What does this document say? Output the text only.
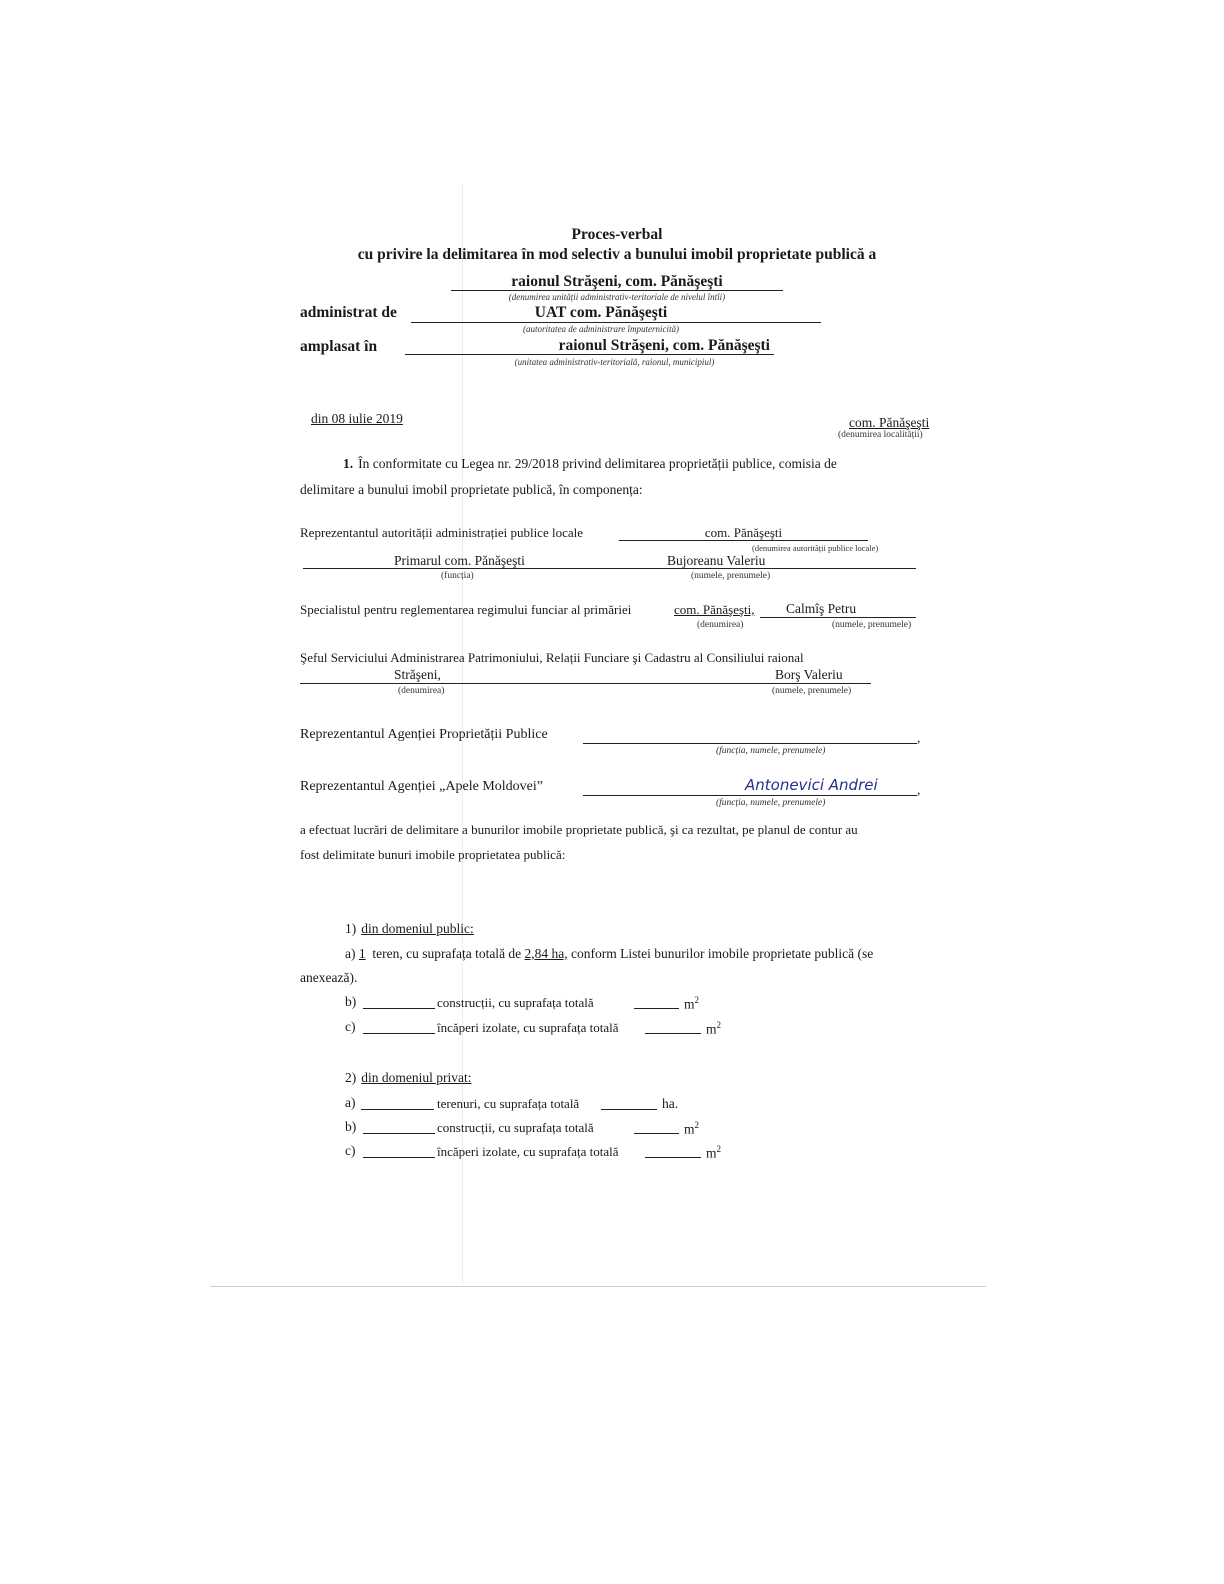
Proces-verbal
cu privire la delimitarea în mod selectiv a bunului imobil proprietate publică a
raionul Străşeni, com. Pănăşeşti
(denumirea unității administrativ-teritoriale de nivelul întîi)
administrat de	UAT com. Pănăşeşti
(autoritatea de administrare împuternicită)
amplasat în	raionul Străşeni, com. Pănăşeşti
(unitatea administrativ-teritorială, raionul, municipiul)
din 08 iulie 2019	com. Pănăşeşti
(denumirea localității)
1. În conformitate cu Legea nr. 29/2018 privind delimitarea proprietății publice, comisia de
delimitare a bunului imobil proprietate publică, în componența:
Reprezentantul autorității administrației publice locale	com. Pănăşeşti
(denumirea autorității publice locale)
Primarul com. Pănăşeşti
(funcția)
Bujoreanu Valeriu
(numele, prenumele)
Specialistul pentru reglementarea regimului funciar al primăriei	com. Pănăşeşti,
(denumirea)
Calmîş Petru
(numele, prenumele)
Şeful Serviciului Administrarea Patrimoniului, Relații Funciare şi Cadastru al Consiliului raional
Străşeni,
(denumirea)
Borş Valeriu
(numele, prenumele)
Reprezentantul Agenției Proprietății Publice	,
(funcția, numele, prenumele)
Reprezentantul Agenției „Apele Moldovei”	Antonevici Andrei	,
(funcția, numele, prenumele)
a efectuat lucrări de delimitare a bunurilor imobile proprietate publică, şi ca rezultat, pe planul de contur au
fost delimitate bunuri imobile proprietatea publică:
1) din domeniul public:
a) 1 teren, cu suprafața totală de 2,84 ha, conform Listei bunurilor imobile proprietate publică (se
anexează).
b)	construcții, cu suprafața totală	$m^2$
c)	încăperi izolate, cu suprafața totală	$m^2$
2) din domeniul privat:
a)	terenuri, cu suprafața totală	ha.
b)	construcții, cu suprafața totală	$m^2$
c)	încăperi izolate, cu suprafața totală	$m^2$
